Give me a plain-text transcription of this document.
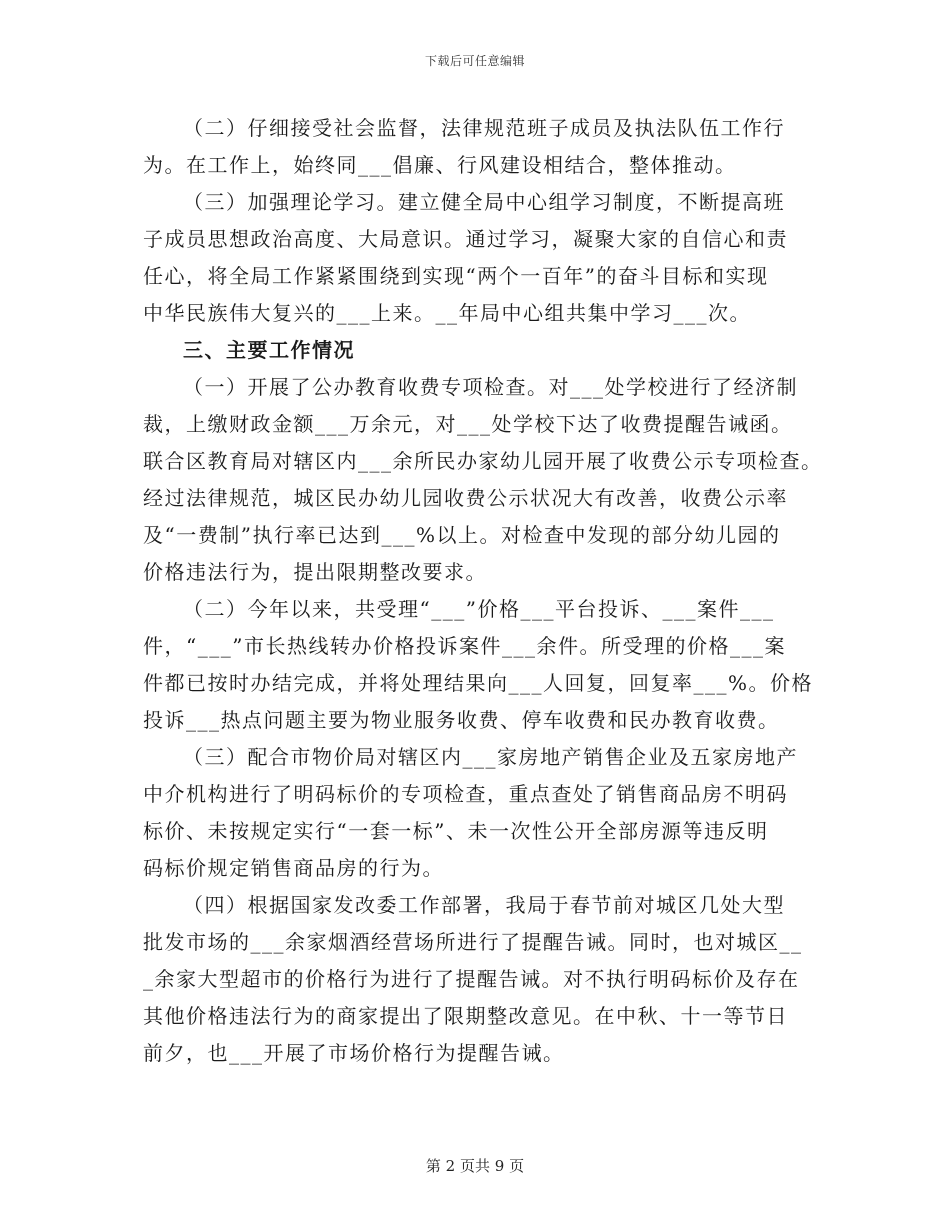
下载后可任意编辑
（二）仔细接受社会监督，法律规范班子成员及执法队伍工作行
为。在工作上，始终同___倡廉、行风建设相结合，整体推动。
（三）加强理论学习。建立健全局中心组学习制度，不断提高班
子成员思想政治高度、大局意识。通过学习，凝聚大家的自信心和责
任心，将全局工作紧紧围绕到实现“两个一百年”的奋斗目标和实现
中华民族伟大复兴的___上来。__年局中心组共集中学习___次。
三、主要工作情况
（一）开展了公办教育收费专项检查。对___处学校进行了经济制
裁，上缴财政金额___万余元，对___处学校下达了收费提醒告诫函。
联合区教育局对辖区内___余所民办家幼儿园开展了收费公示专项检查。
经过法律规范，城区民办幼儿园收费公示状况大有改善，收费公示率
及“一费制”执行率已达到___%以上。对检查中发现的部分幼儿园的
价格违法行为，提出限期整改要求。
（二）今年以来，共受理“___”价格___平台投诉、___案件___
件，“___”市长热线转办价格投诉案件___余件。所受理的价格___案
件都已按时办结完成，并将处理结果向___人回复，回复率___%。价格
投诉___热点问题主要为物业服务收费、停车收费和民办教育收费。
（三）配合市物价局对辖区内___家房地产销售企业及五家房地产
中介机构进行了明码标价的专项检查，重点查处了销售商品房不明码
标价、未按规定实行“一套一标”、未一次性公开全部房源等违反明
码标价规定销售商品房的行为。
（四）根据国家发改委工作部署，我局于春节前对城区几处大型
批发市场的___余家烟酒经营场所进行了提醒告诫。同时，也对城区__
_余家大型超市的价格行为进行了提醒告诫。对不执行明码标价及存在
其他价格违法行为的商家提出了限期整改意见。在中秋、十一等节日
前夕，也___开展了市场价格行为提醒告诫。
第 2 页共 9 页
